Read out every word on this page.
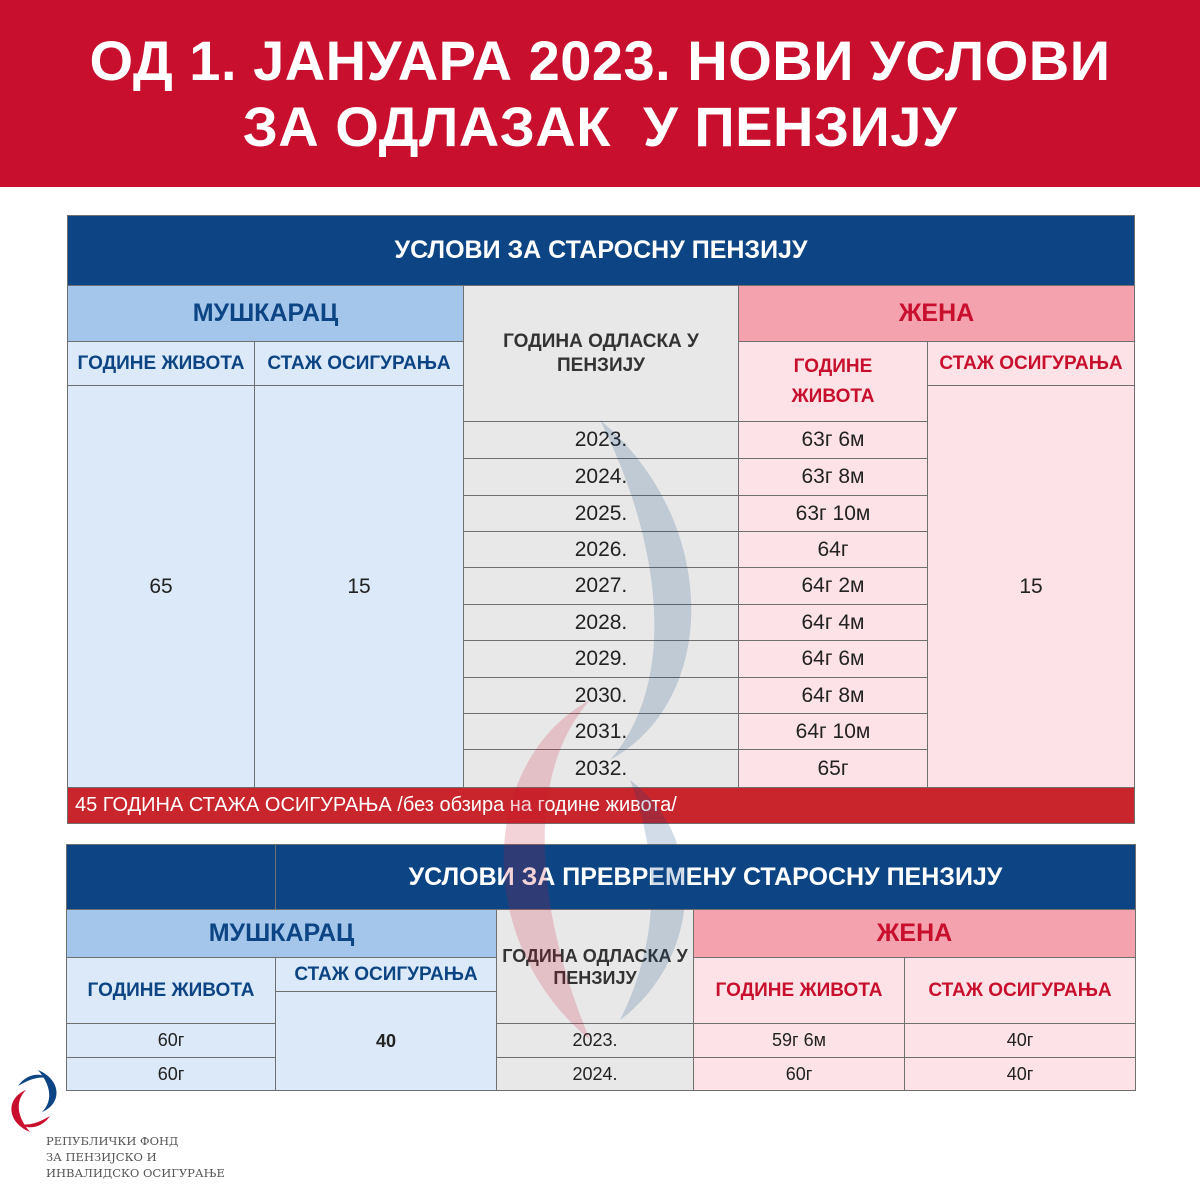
ОД 1. ЈАНУАРА 2023. НОВИ УСЛОВИ
ЗА ОДЛАЗАК  У ПЕНЗИЈУ
УСЛОВИ ЗА СТАРОСНУ ПЕНЗИЈУ				
МУШКАРАЦ		ГОДИНА ОДЛАСКА У ПЕНЗИЈУ	ЖЕНА	
ГОДИНЕ ЖИВОТА	СТАЖ ОСИГУРАЊА		ГОДИНЕ
ЖИВОТА	СТАЖ ОСИГУРАЊА
65	15			15
		2023.	63г 6м	
		2024.	63г 8м	
		2025.	63г 10м	
		2026.	64г	
		2027.	64г 2м	
		2028.	64г 4м	
		2029.	64г 6м	
		2030.	64г 8м	
		2031.	64г 10м	
		2032.	65г	
45 ГОДИНА СТАЖА ОСИГУРАЊА /без обзира на године живота/				
	УСЛОВИ ЗА ПРЕВРЕМЕНУ СТАРОСНУ ПЕНЗИЈУ			
МУШКАРАЦ		ГОДИНА ОДЛАСКА У ПЕНЗИЈУ	ЖЕНА	
ГОДИНЕ ЖИВОТА	СТАЖ ОСИГУРАЊА		ГОДИНЕ ЖИВОТА	СТАЖ ОСИГУРАЊА
	40			
60г		2023.	59г 6м	40г
60г		2024.	60г	40г
РЕПУБЛИЧКИ ФОНД
ЗА ПЕНЗИЈСКО И
ИНВАЛИДСКО ОСИГУРАЊЕ
